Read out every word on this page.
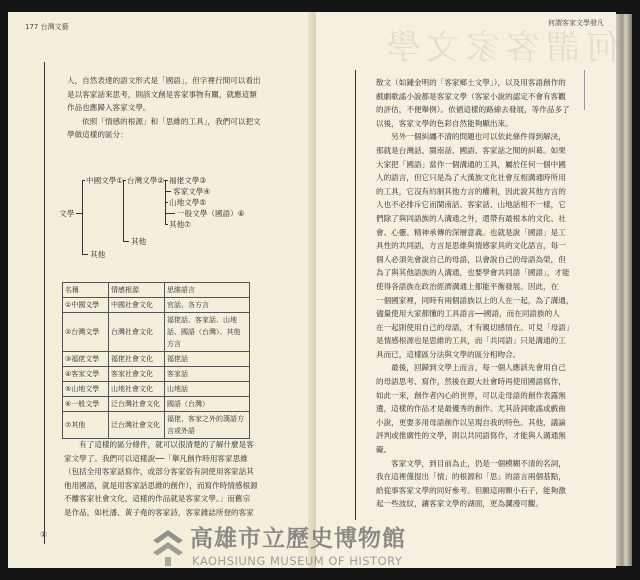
177 台灣文藝	何謂客家文學發凡
何謂客家文學
人，自然表達的語文形式是「國語」，但字裡行間可以看出
是以客家話來思考，則該文創是客家事物有關，就應這類
作品也應歸入客家文學。
　　依照「情感的根源」和「思維的工具」，我們可以把文
學做這樣的區分：
文學
中國文學① 台灣文學② 福佬文學③
客家文學④
山地文學⑤
一般文學（國語）⑥
其他⑦
其他
其他
名稱	情感根源	思維語言
①中國文學	中國社會文化	官話、各方言
②台灣文學	台灣社會文化	福佬話、客家話、山地話、國語（台灣）、其他方言
③福佬文學	福佬社會文化	福佬話
④客家文學	客家社會文化	客家話
⑤山地文學	山地社會文化	山地話
⑥一般文學	泛台灣社會文化	國語（台灣）
⑦其他	泛台灣社會文化	福佬、客家之外的漢語方言或外語
　　有了這樣的區分條件，就可以很清楚的了解什麼是客
家文學了。我們可以這樣說──「舉凡創作時用客家思維
（包括全用客家話寫作，或部分客家俗有詞使用客家話其
他用國語，就是用客家話思維的創作），而寫作時情感根源
不離客家社會文化，這樣的作品就是客家文學。」而舊宗
是作品，如杜潘、黃子堯的客家詩，客家雜誌所登的客家
①
散文（如鍾金明的「客家鄉土文學」），以及用客語創作的
戲劇歌謠小說都是客家文學（客家小說的認定不會有客觀
的評估，不便舉例）。依循這樣的路線去發展，等作品多了
以後，客家文學的色彩自然能夠顯出來。
　　另外一個糾纏不清的問題也可以依此條件得到解決，
那就是台灣話、閩南話、國語、客家話之間的糾葛。如果
大家把「國語」當作一個溝通的工具，屬於任何一個中國
人的語言，但它只是為了大漢族文化社會互相溝通時所用
的工具，它沒有約制其他方言的權利，因此說其他方言的
人也不必排斥它而閩南話、客家話、山地話相不一樣，它
們除了與同語族的人溝通之外，還帶有最根本的文化、社
會、心靈、精神承傳的深層意義。也就是說「國語」是工
具性的共同語，方言是思維與情感家具的文化語言，每一
個人必須先會說自己的母語，以會說自己的母語為榮，但
為了與其他語族的人溝通，也要學會共同語「國語」，才能
使得各語族在政治經濟溝通上都能平衡發展。因此，在
一個國家裡，同時有兩個語族以上的人在一起，為了溝通，
儘量使用大家都懂的工具語言──國語，而在同語族的人
在一起則使用自己的母語，才有親切感情在。可見「母語」
是情感根源也是思維的工具，而「共同語」只是溝通的工
具而已，這樣區分法與文學的區分相吻合。
　　最後，回歸到文學上而言，每一個人應該先會用自己
的母語思考、寫作，然後在跟大社會時再使用國語寫作，
如此一來，創作者內心的世界，可以走母語的創作表露無
遺，這樣的作品才是最優秀的創作。尤其詩詞歌謠或戲曲
小說，更要多用母語創作以呈現自我的特色。其他，議論
評判或推廣性的文學，則以共同語寫作，才能與人溝通無
礙。
　　客家文學，到目前為止，仍是一個模糊不清的名詞，
我在這裡僅提出「情」的根源和「思」的語言兩個基點，
給從事客家文學的同好參考。但願這兩顆小石子，能夠激
起一些波紋，讓客家文學的湖面，更為瀾漫可觀。
高雄市立歷史博物館
KAOHSIUNG MUSEUM OF HISTORY
